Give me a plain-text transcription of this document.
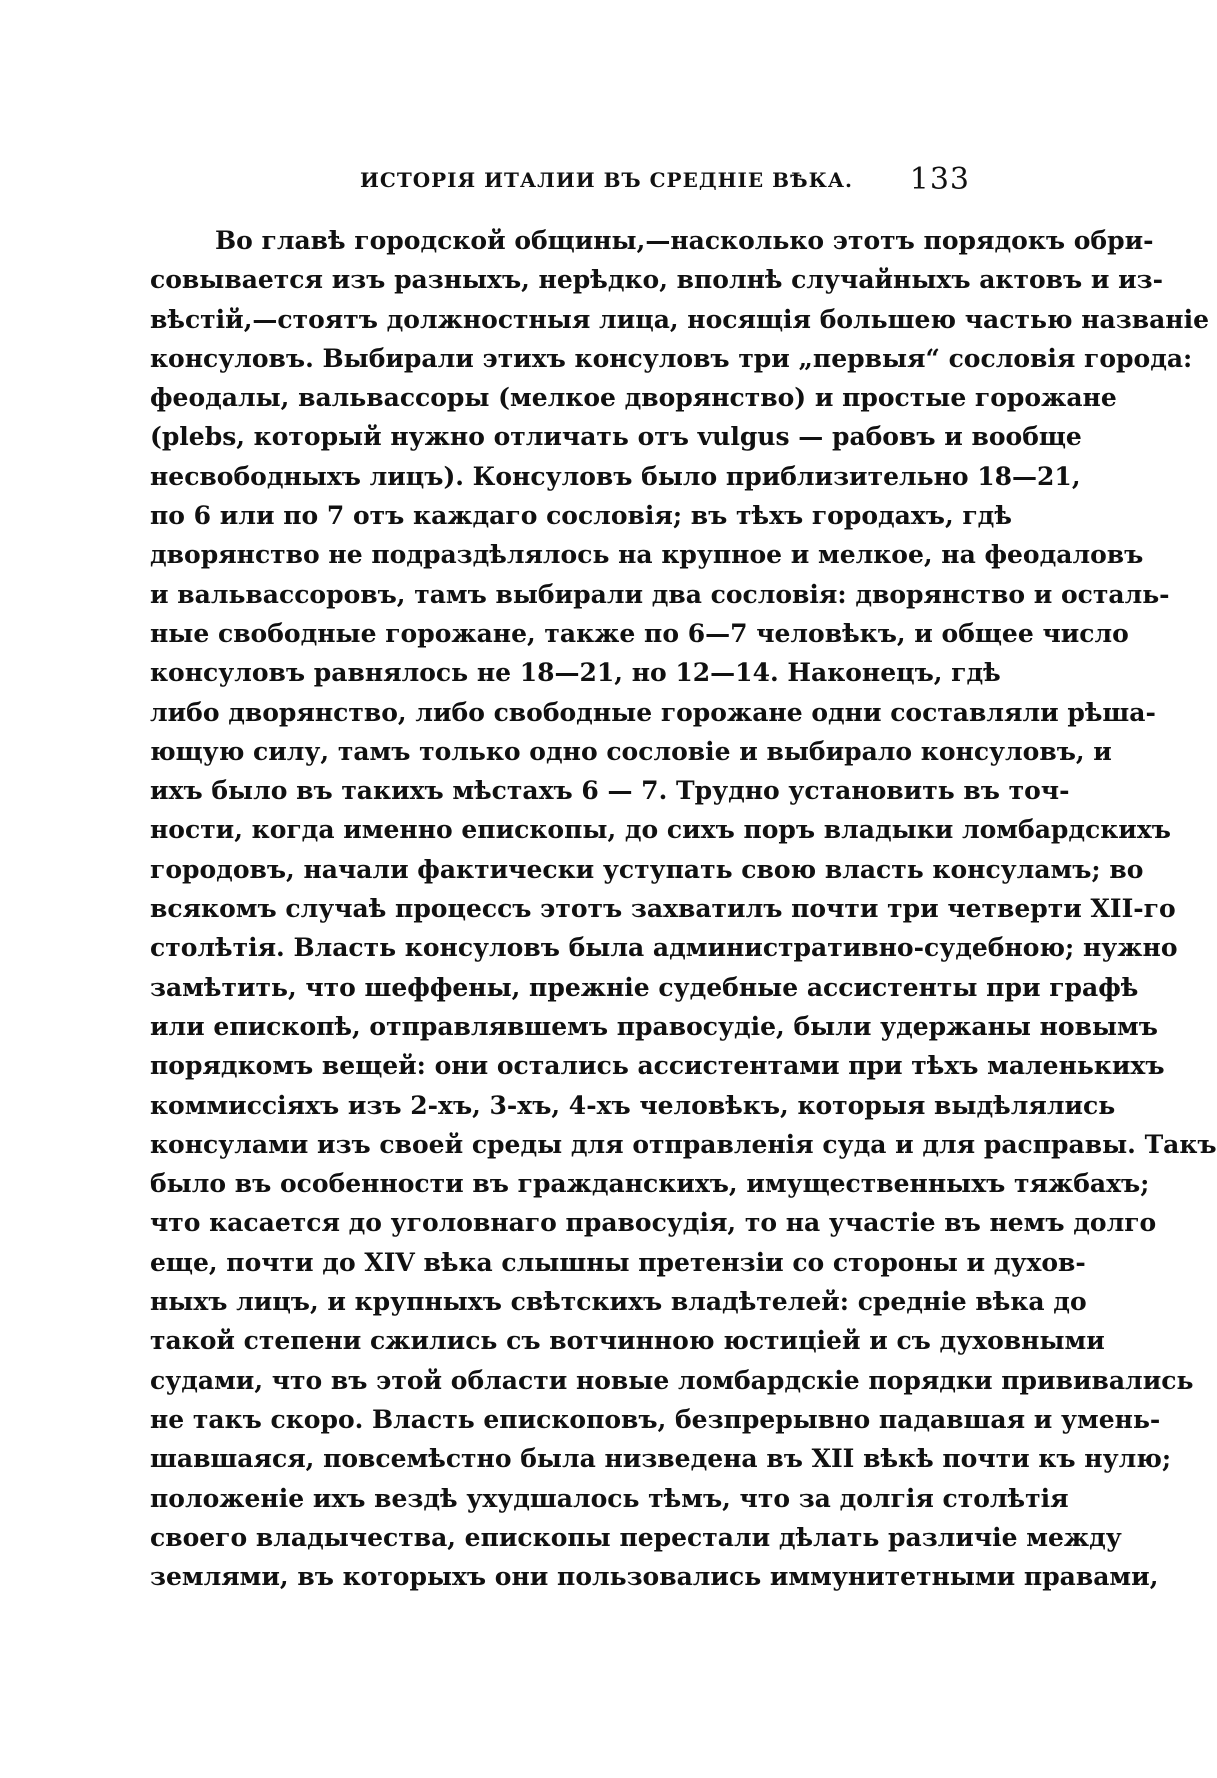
ИСТОРІЯ ИТАЛИИ ВЪ СРЕДНІЕ ВѢКА. 133
Во главѣ городской общины,—насколько этотъ порядокъ обри-
совывается изъ разныхъ, нерѣдко, вполнѣ случайныхъ актовъ и из-
вѣстій,—стоятъ должностныя лица, носящія большею частью названіе
консуловъ. Выбирали этихъ консуловъ три „первыя“ сословія города:
феодалы, вальвассоры (мелкое дворянство) и простые горожане
(plebs, который нужно отличать отъ vulgus — рабовъ и вообще
несвободныхъ лицъ). Консуловъ было приблизительно 18—21,
по 6 или по 7 отъ каждаго сословія; въ тѣхъ городахъ, гдѣ
дворянство не подраздѣлялось на крупное и мелкое, на феодаловъ
и вальвассоровъ, тамъ выбирали два сословія: дворянство и осталь-
ные свободные горожане, также по 6—7 человѣкъ, и общее число
консуловъ равнялось не 18—21, но 12—14. Наконецъ, гдѣ
либо дворянство, либо свободные горожане одни составляли рѣша-
ющую силу, тамъ только одно сословіе и выбирало консуловъ, и
ихъ было въ такихъ мѣстахъ 6 — 7. Трудно установить въ точ-
ности, когда именно епископы, до сихъ поръ владыки ломбардскихъ
городовъ, начали фактически уступать свою власть консуламъ; во
всякомъ случаѣ процессъ этотъ захватилъ почти три четверти XII-го
столѣтія. Власть консуловъ была административно-судебною; нужно
замѣтить, что шеффены, прежніе судебные ассистенты при графѣ
или епископѣ, отправлявшемъ правосудіе, были удержаны новымъ
порядкомъ вещей: они остались ассистентами при тѣхъ маленькихъ
коммиссіяхъ изъ 2-хъ, 3-хъ, 4-хъ человѣкъ, которыя выдѣлялись
консулами изъ своей среды для отправленія суда и для расправы. Такъ
было въ особенности въ гражданскихъ, имущественныхъ тяжбахъ;
что касается до уголовнаго правосудія, то на участіе въ немъ долго
еще, почти до XIV вѣка слышны претензіи со стороны и духов-
ныхъ лицъ, и крупныхъ свѣтскихъ владѣтелей: средніе вѣка до
такой степени сжились съ вотчинною юстиціей и съ духовными
судами, что въ этой области новые ломбардскіе порядки прививались
не такъ скоро. Власть епископовъ, безпрерывно падавшая и умень-
шавшаяся, повсемѣстно была низведена въ XII вѣкѣ почти къ нулю;
положеніе ихъ вездѣ ухудшалось тѣмъ, что за долгія столѣтія
своего владычества, епископы перестали дѣлать различіе между
землями, въ которыхъ они пользовались иммунитетными правами,
